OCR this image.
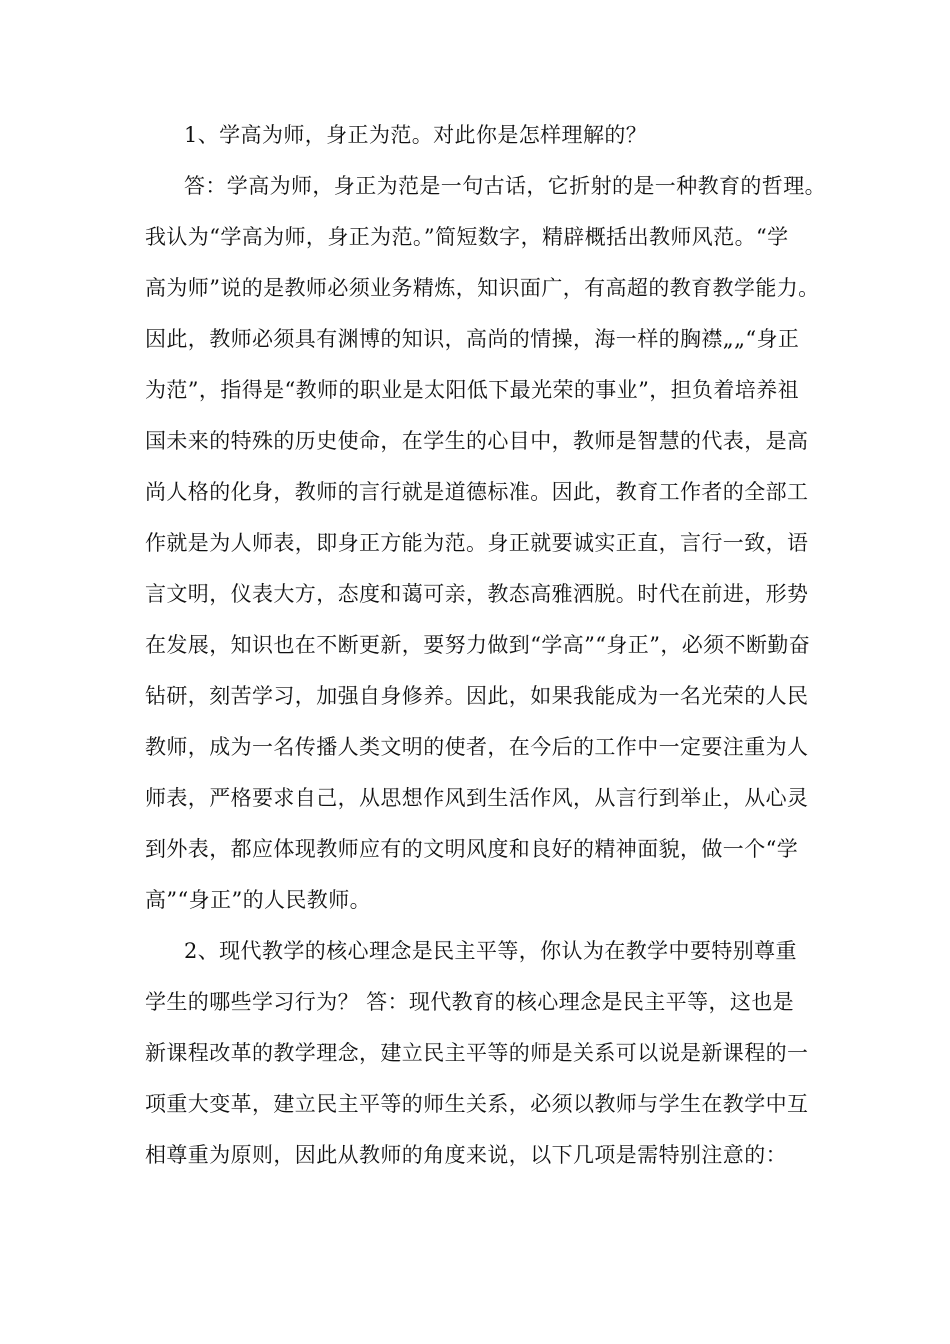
1、学高为师，身正为范。对此你是怎样理解的？
答：学高为师，身正为范是一句古话，它折射的是一种教育的哲理。
我认为“学高为师，身正为范。”简短数字，精辟概括出教师风范。“学
高为师”说的是教师必须业务精炼，知识面广，有高超的教育教学能力。
因此，教师必须具有渊博的知识，高尚的情操，海一样的胸襟„„“身正
为范”，指得是“教师的职业是太阳低下最光荣的事业”，担负着培养祖
国未来的特殊的历史使命，在学生的心目中，教师是智慧的代表，是高
尚人格的化身，教师的言行就是道德标准。因此，教育工作者的全部工
作就是为人师表，即身正方能为范。身正就要诚实正直，言行一致，语
言文明，仪表大方，态度和蔼可亲，教态高雅洒脱。时代在前进，形势
在发展，知识也在不断更新，要努力做到“学高”“身正”，必须不断勤奋
钻研，刻苦学习，加强自身修养。因此，如果我能成为一名光荣的人民
教师，成为一名传播人类文明的使者，在今后的工作中一定要注重为人
师表，严格要求自己，从思想作风到生活作风，从言行到举止，从心灵
到外表，都应体现教师应有的文明风度和良好的精神面貌，做一个“学
高”“身正”的人民教师。
2、现代教学的核心理念是民主平等，你认为在教学中要特别尊重
学生的哪些学习行为？ 答：现代教育的核心理念是民主平等，这也是
新课程改革的教学理念，建立民主平等的师是关系可以说是新课程的一
项重大变革，建立民主平等的师生关系，必须以教师与学生在教学中互
相尊重为原则，因此从教师的角度来说，以下几项是需特别注意的：
